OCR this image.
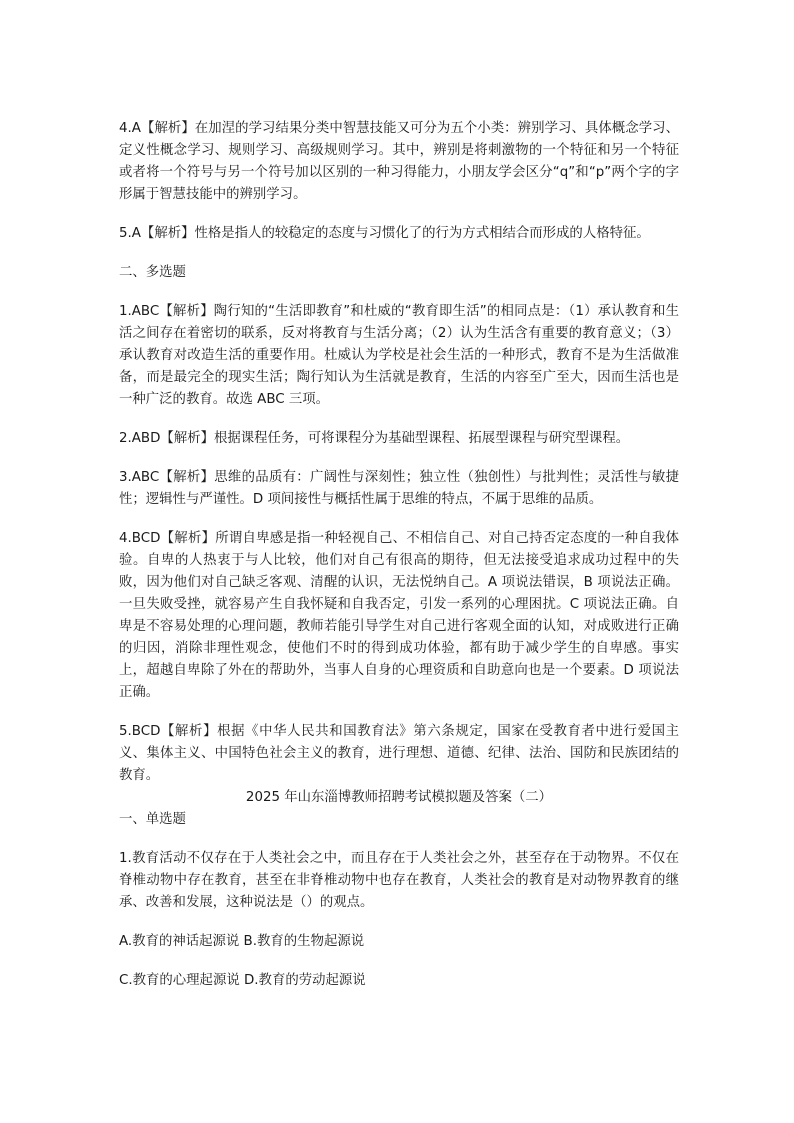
4.A【解析】在加涅的学习结果分类中智慧技能又可分为五个小类：辨别学习、具体概念学习、定义性概念学习、规则学习、高级规则学习。其中，辨别是将刺激物的一个特征和另一个特征或者将一个符号与另一个符号加以区别的一种习得能力，小朋友学会区分“q”和“p”两个字的字形属于智慧技能中的辨别学习。

5.A【解析】性格是指人的较稳定的态度与习惯化了的行为方式相结合而形成的人格特征。

二、多选题

1.ABC【解析】陶行知的“生活即教育”和杜威的“教育即生活”的相同点是：（1）承认教育和生活之间存在着密切的联系，反对将教育与生活分离；（2）认为生活含有重要的教育意义；（3）承认教育对改造生活的重要作用。杜威认为学校是社会生活的一种形式，教育不是为生活做准备，而是最完全的现实生活；陶行知认为生活就是教育，生活的内容至广至大，因而生活也是一种广泛的教育。故选 ABC 三项。

2.ABD【解析】根据课程任务，可将课程分为基础型课程、拓展型课程与研究型课程。

3.ABC【解析】思维的品质有：广阔性与深刻性；独立性（独创性）与批判性；灵活性与敏捷性；逻辑性与严谨性。D 项间接性与概括性属于思维的特点，不属于思维的品质。

4.BCD【解析】所谓自卑感是指一种轻视自己、不相信自己、对自己持否定态度的一种自我体验。自卑的人热衷于与人比较，他们对自己有很高的期待，但无法接受追求成功过程中的失败，因为他们对自己缺乏客观、清醒的认识，无法悦纳自己。A 项说法错误，B 项说法正确。一旦失败受挫，就容易产生自我怀疑和自我否定，引发一系列的心理困扰。C 项说法正确。自卑是不容易处理的心理问题，教师若能引导学生对自己进行客观全面的认知，对成败进行正确的归因，消除非理性观念，使他们不时的得到成功体验，都有助于减少学生的自卑感。事实上，超越自卑除了外在的帮助外，当事人自身的心理资质和自助意向也是一个要素。D 项说法正确。

5.BCD【解析】根据《中华人民共和国教育法》第六条规定，国家在受教育者中进行爱国主义、集体主义、中国特色社会主义的教育，进行理想、道德、纪律、法治、国防和民族团结的教育。

2025 年山东淄博教师招聘考试模拟题及答案（二）

一、单选题

1.教育活动不仅存在于人类社会之中，而且存在于人类社会之外，甚至存在于动物界。不仅在脊椎动物中存在教育，甚至在非脊椎动物中也存在教育，人类社会的教育是对动物界教育的继承、改善和发展，这种说法是（）的观点。

A.教育的神话起源说 B.教育的生物起源说

C.教育的心理起源说 D.教育的劳动起源说
